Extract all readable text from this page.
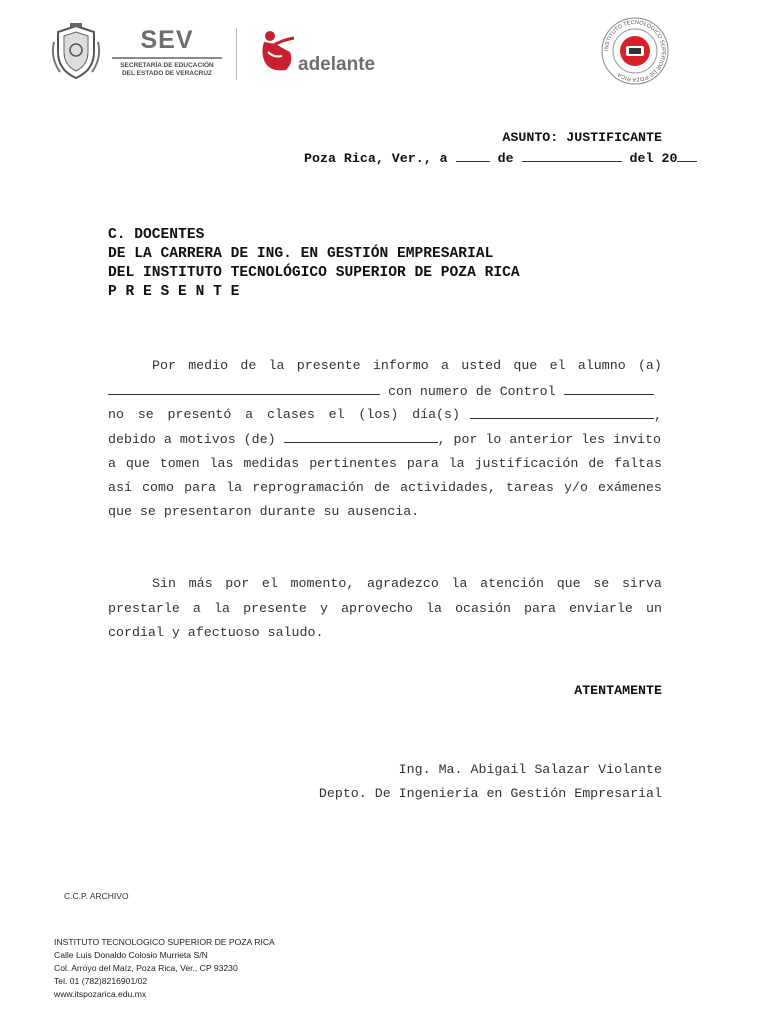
SEV
SECRETARÍA DE EDUCACIÓN
DEL ESTADO DE VERACRUZ	adelante
INSTITUTO TECNOLÓGICO SUPERIOR DE POZA RICA
ASUNTO: JUSTIFICANTE
Poza Rica, Ver., a	de	del 20
C. DOCENTES
DE LA CARRERA DE ING. EN GESTIÓN EMPRESARIAL
DEL INSTITUTO TECNOLÓGICO SUPERIOR DE POZA RICA
P R E S E N T E
Por medio de la presente informo a usted que el alumno (a)
con numero de Control
no se presentó a clases el (los) día(s)	,
debido a motivos (de)	, por lo anterior les invito
a que tomen las medidas pertinentes para la justificación de faltas
así como para la reprogramación de actividades, tareas y/o exámenes
que se presentaron durante su ausencia.
Sin más por el momento, agradezco la atención que se sirva
prestarle a la presente y aprovecho la ocasión para enviarle un
cordial y afectuoso saludo.
ATENTAMENTE
Ing. Ma. Abigail Salazar Violante
Depto. De Ingeniería en Gestión Empresarial
C.C.P. ARCHIVO
INSTITUTO TECNOLOGICO SUPERIOR DE POZA RICA
Calle Luis Donaldo Colosio Murrieta S/N
Col. Arroyo del Maíz, Poza Rica, Ver., CP 93230
Tel. 01 (782)8216901/02
www.itspozarica.edu.mx
